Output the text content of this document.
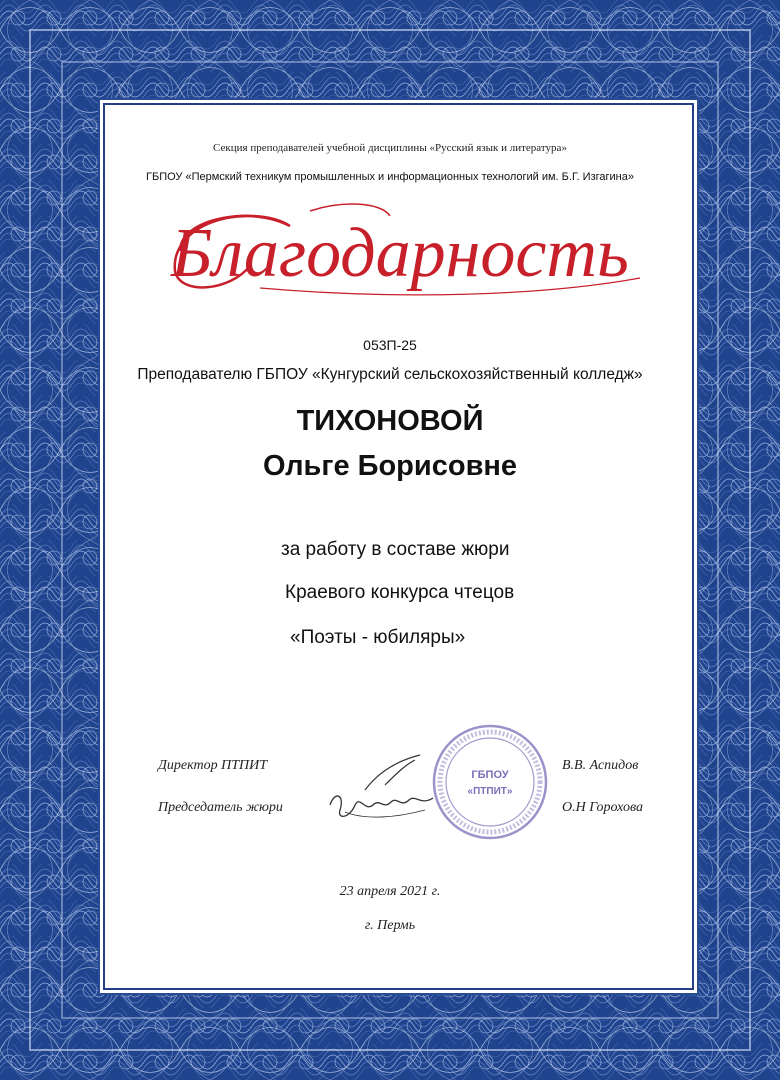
Секция преподавателей учебной дисциплины «Русский язык и литература»
ГБПОУ «Пермский техникум промышленных и информационных технологий им. Б.Г. Изгагина»
Благодарность
053П-25
Преподавателю ГБПОУ «Кунгурский сельскохозяйственный колледж»
ТИХОНОВОЙ
Ольге Борисовне
за работу в составе жюри
Краевого конкурса чтецов
«Поэты - юбиляры»
Директор ПТПИТ
Председатель жюри
В.В. Аспидов
О.Н Горохова
ГБПОУ
«ПТПИТ»
23 апреля 2021 г.
г. Пермь
